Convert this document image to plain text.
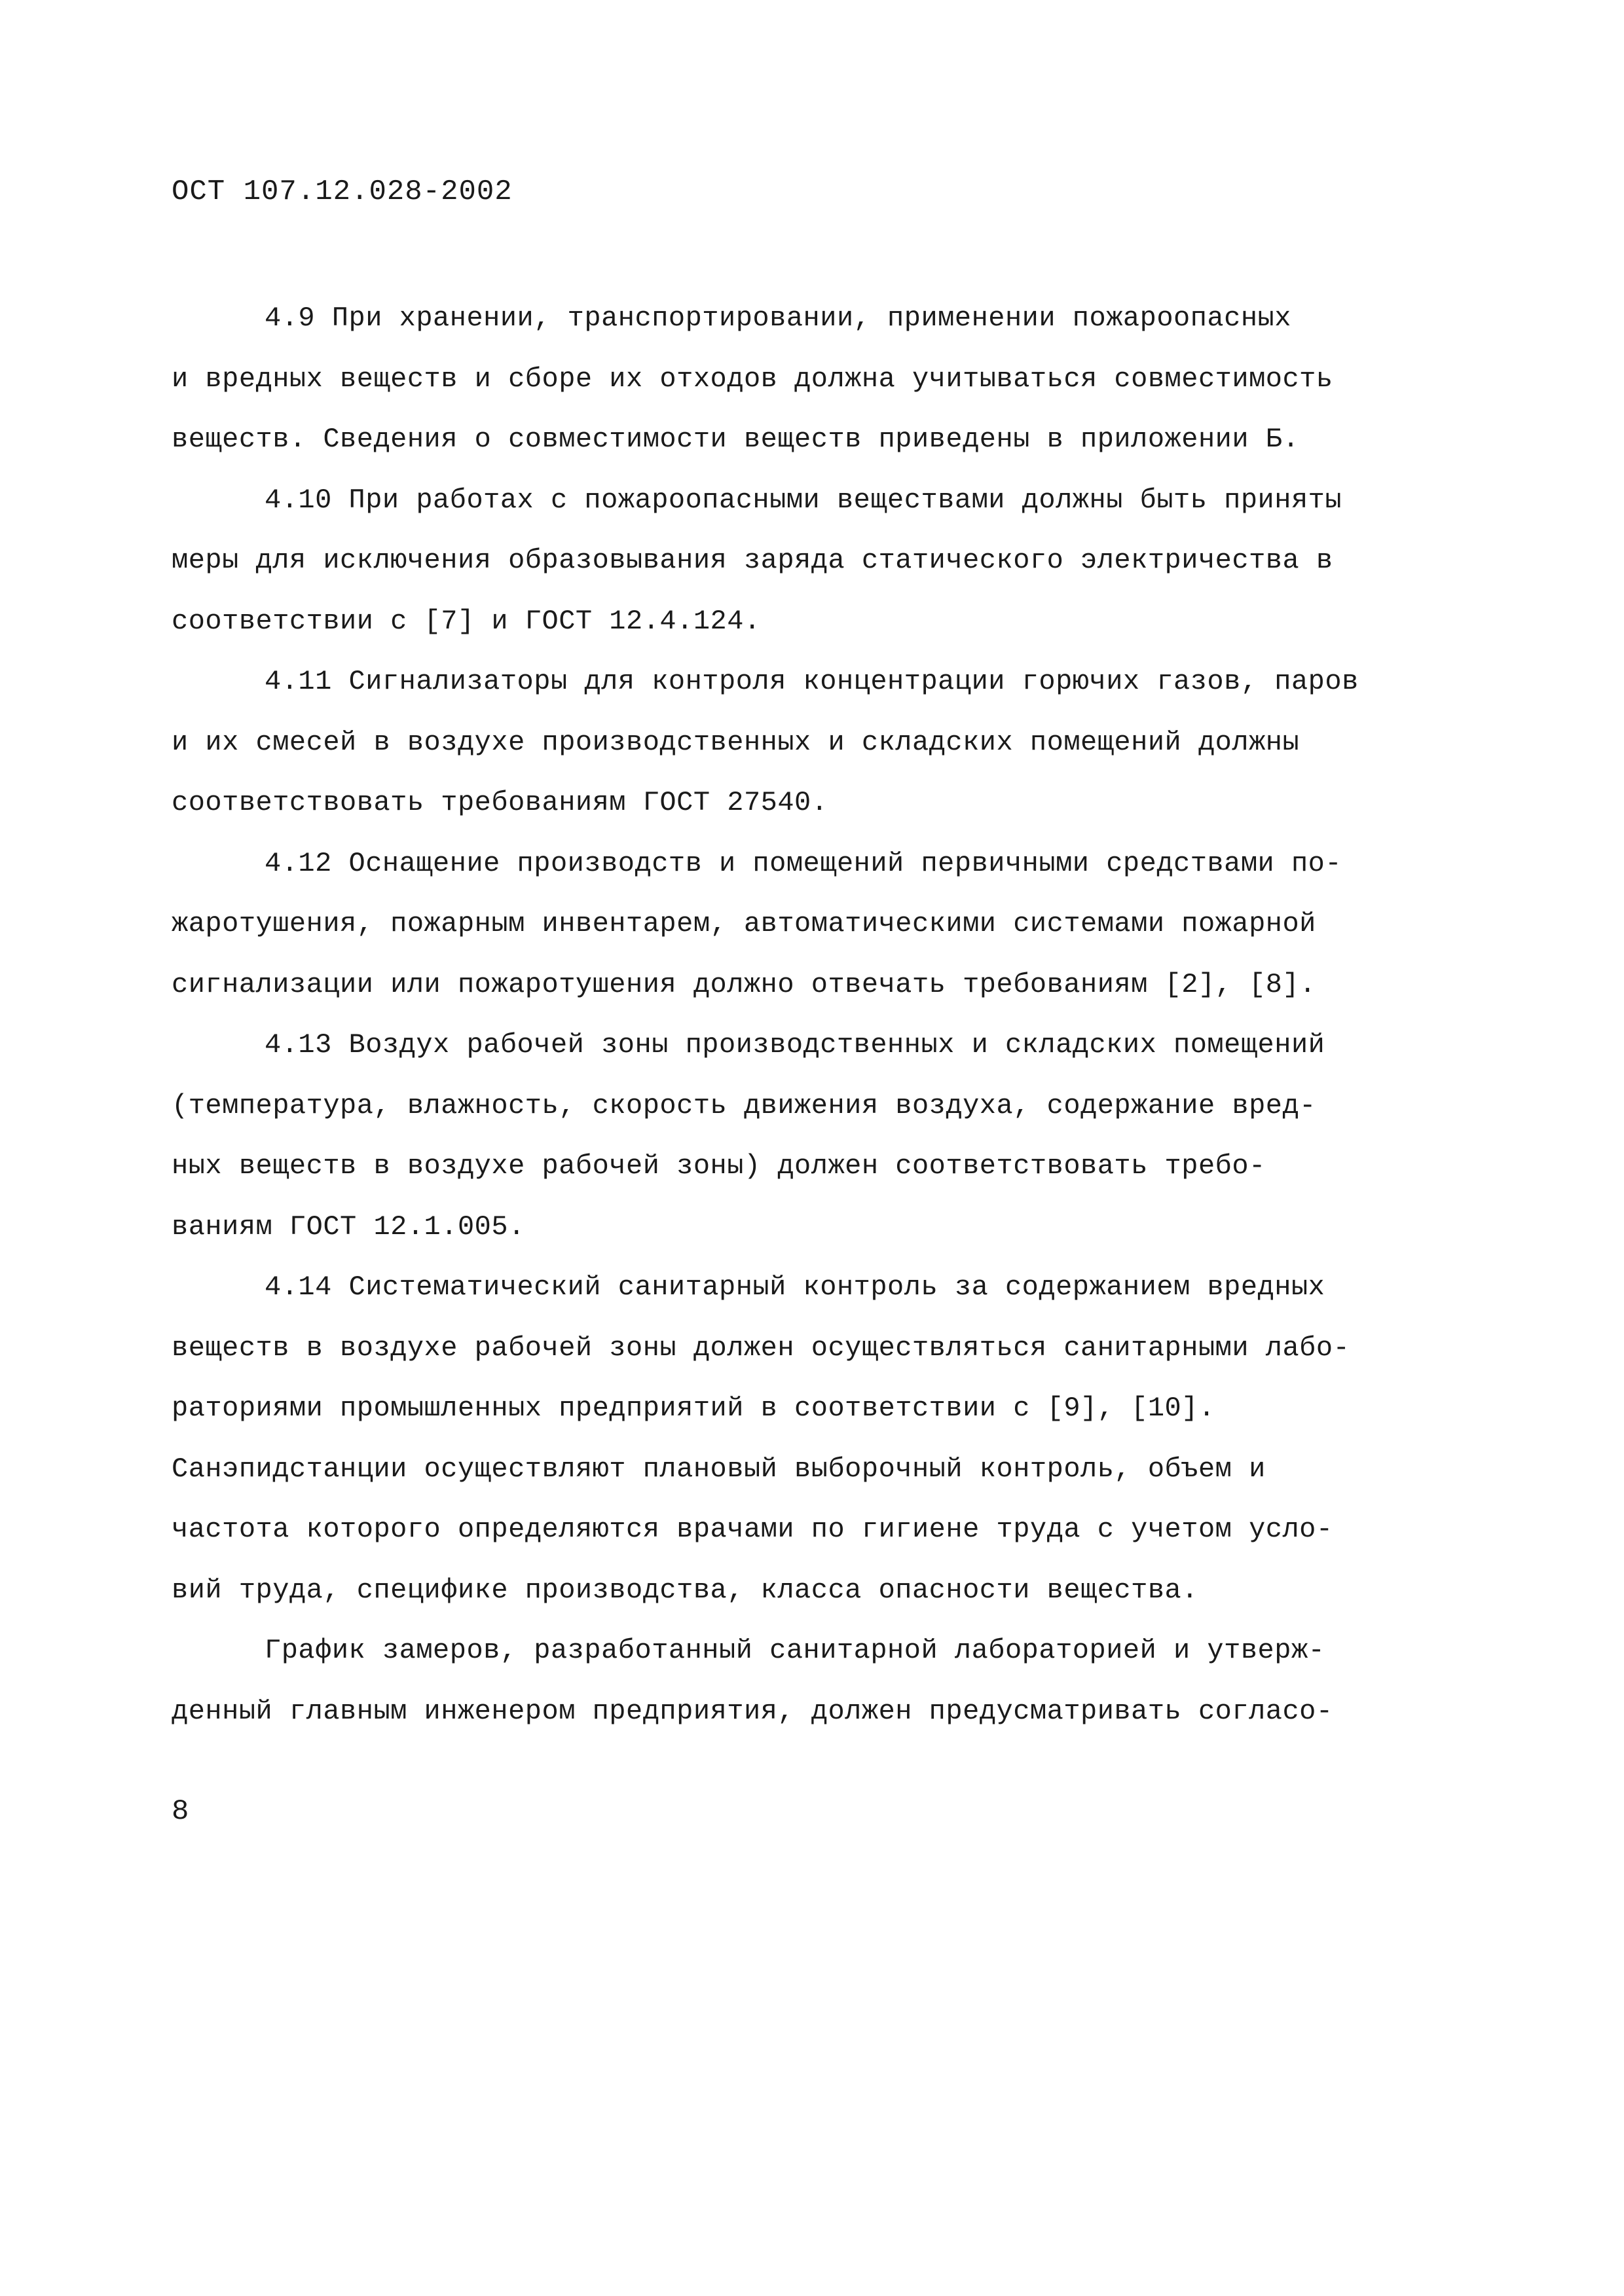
ОСТ 107.12.028-2002
4.9 При хранении, транспортировании, применении пожароопасных
и вредных веществ и сборе их отходов должна учитываться совместимость
веществ. Сведения о совместимости веществ приведены в приложении Б.
4.10 При работах с пожароопасными веществами должны быть приняты
меры для исключения образовывания заряда статического электричества в
соответствии с [7] и ГОСТ 12.4.124.
4.11 Сигнализаторы для контроля концентрации горючих газов, паров
и их смесей в воздухе производственных и складских помещений должны
соответствовать требованиям ГОСТ 27540.
4.12 Оснащение производств и помещений первичными средствами по-
жаротушения, пожарным инвентарем, автоматическими системами пожарной
сигнализации или пожаротушения должно отвечать требованиям [2], [8].
4.13 Воздух рабочей зоны производственных и складских помещений
(температура, влажность, скорость движения воздуха, содержание вред-
ных веществ в воздухе рабочей зоны) должен соответствовать требо-
ваниям ГОСТ 12.1.005.
4.14 Систематический санитарный контроль за содержанием вредных
веществ в воздухе рабочей зоны должен осуществляться санитарными лабо-
раториями промышленных предприятий в соответствии с [9], [10].
Санэпидстанции осуществляют плановый выборочный контроль, объем и
частота которого определяются врачами по гигиене труда с учетом усло-
вий труда, специфике производства, класса опасности вещества.
График замеров, разработанный санитарной лабораторией и утверж-
денный главным инженером предприятия, должен предусматривать согласо-
8
